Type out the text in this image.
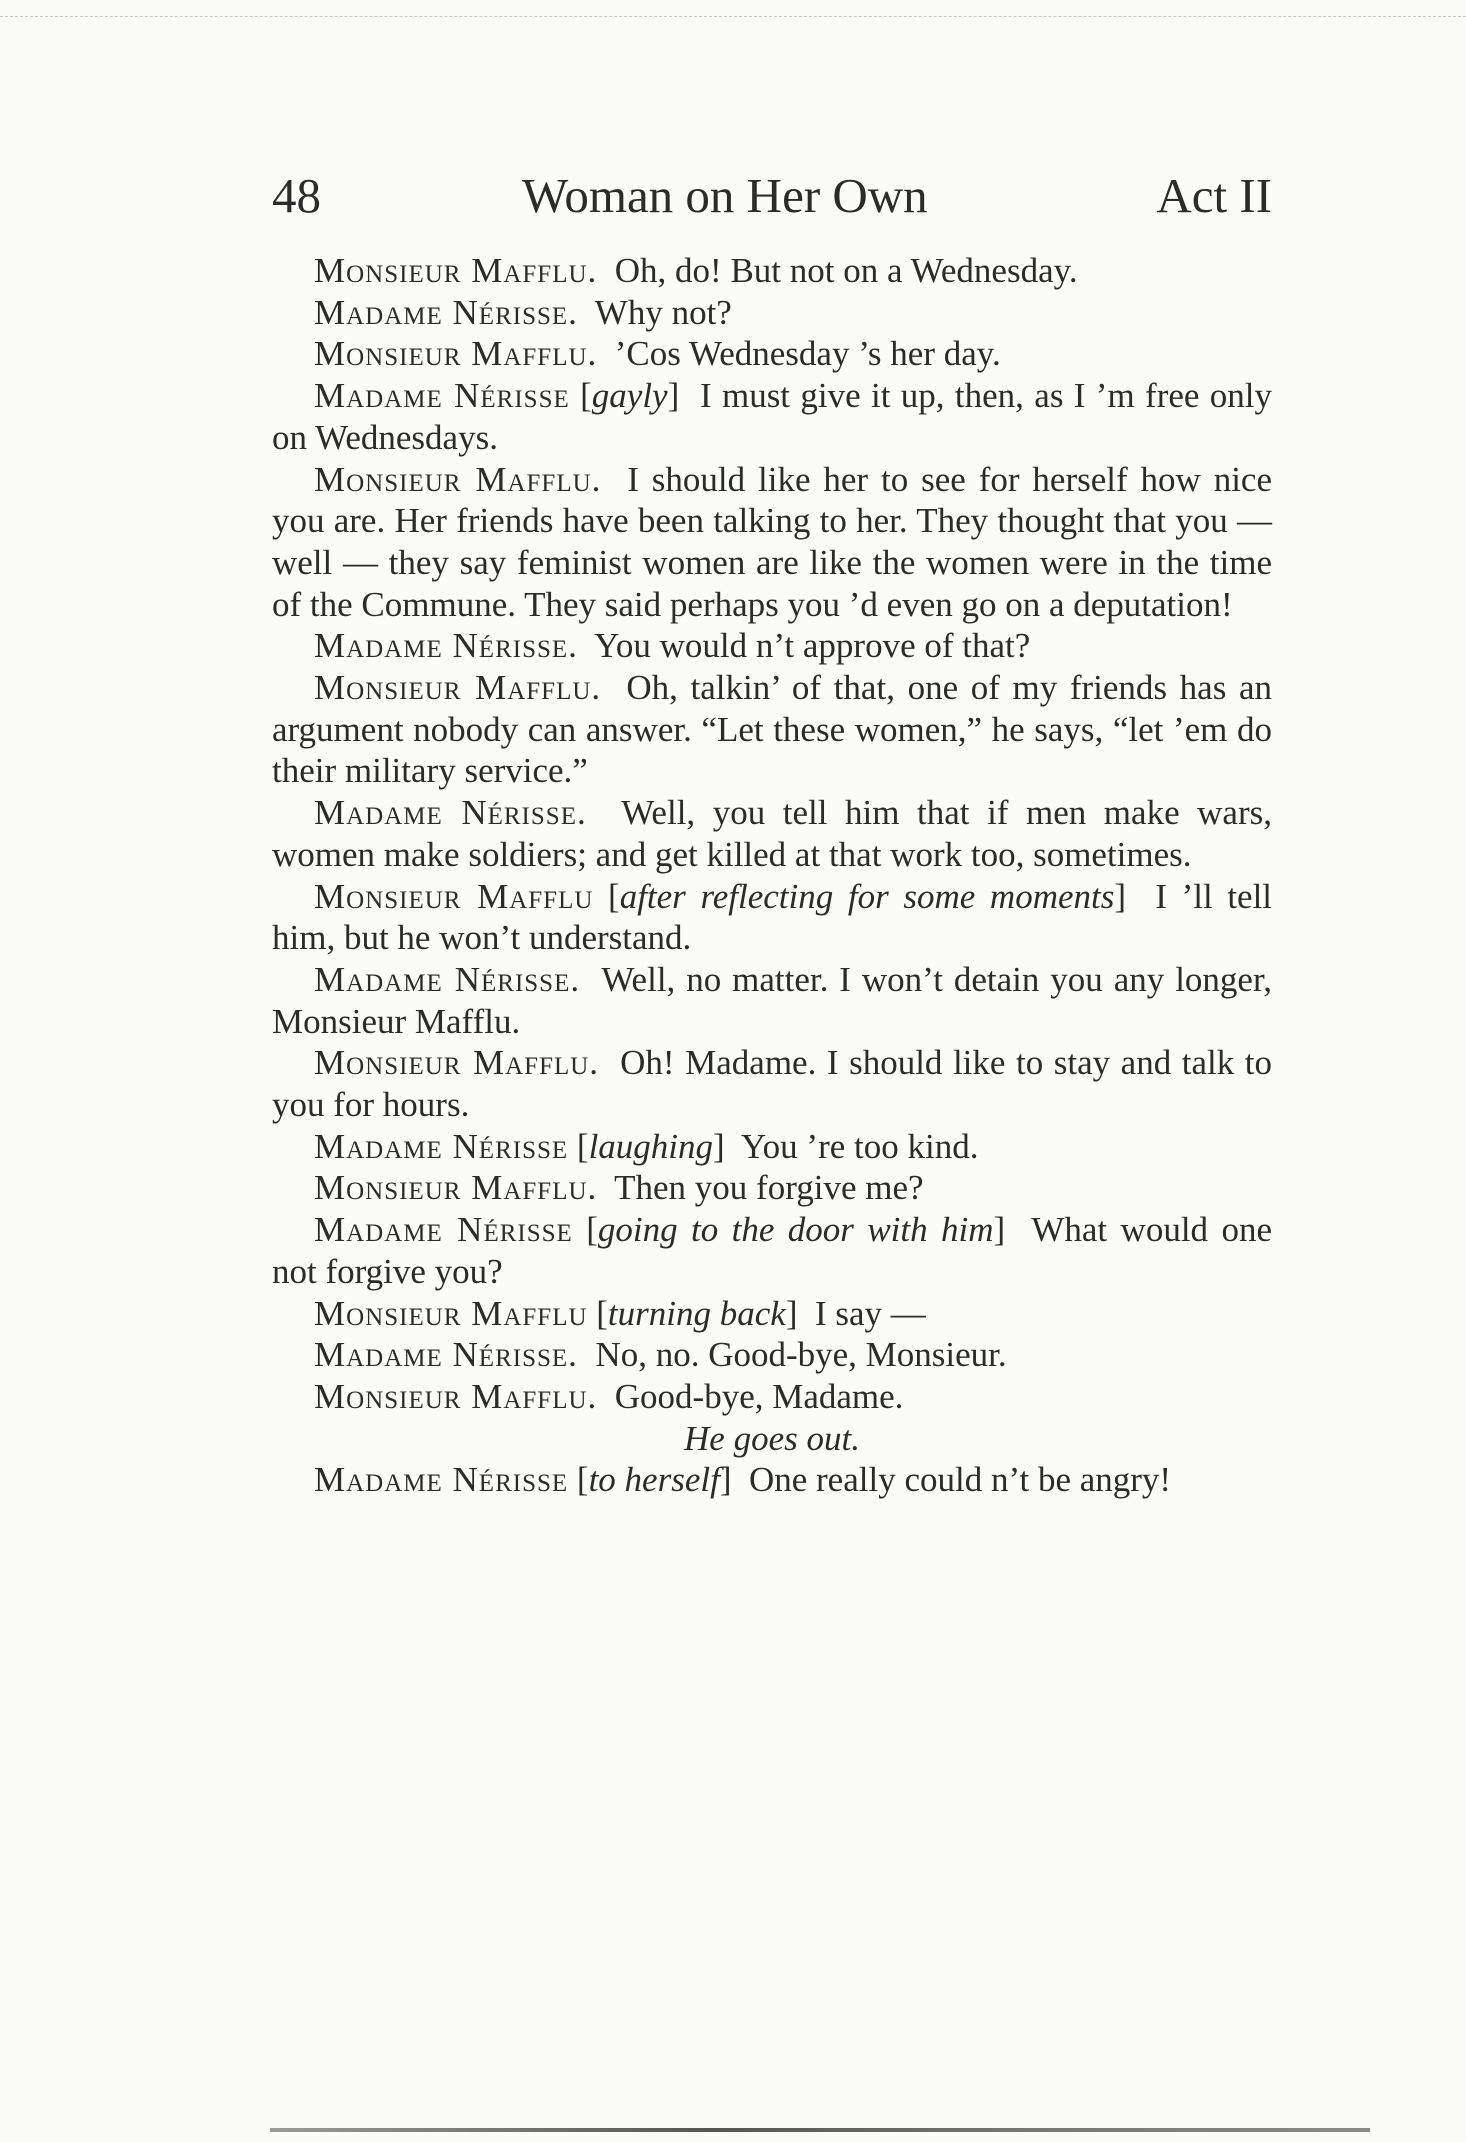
48	Woman on Her Own	Act II

Monsieur Mafflu. Oh, do! But not on a Wednesday.

Madame Nérisse. Why not?

Monsieur Mafflu. ’Cos Wednesday ’s her day.

Madame Nérisse [gayly] I must give it up, then, as I ’m free only on Wednesdays.

Monsieur Mafflu. I should like her to see for herself how nice you are. Her friends have been talking to her. They thought that you — well — they say feminist women are like the women were in the time of the Commune. They said perhaps you ’d even go on a deputation!

Madame Nérisse. You would n’t approve of that?

Monsieur Mafflu. Oh, talkin’ of that, one of my friends has an argument nobody can answer. “Let these women,” he says, “let ’em do their military service.”

Madame Nérisse. Well, you tell him that if men make wars, women make soldiers; and get killed at that work too, sometimes.

Monsieur Mafflu [after reflecting for some moments] I ’ll tell him, but he won’t understand.

Madame Nérisse. Well, no matter. I won’t detain you any longer, Monsieur Mafflu.

Monsieur Mafflu. Oh! Madame. I should like to stay and talk to you for hours.

Madame Nérisse [laughing] You ’re too kind.

Monsieur Mafflu. Then you forgive me?

Madame Nérisse [going to the door with him] What would one not forgive you?

Monsieur Mafflu [turning back] I say —

Madame Nérisse. No, no. Good-bye, Monsieur.

Monsieur Mafflu. Good-bye, Madame.

He goes out.

Madame Nérisse [to herself] One really could n’t be angry!
